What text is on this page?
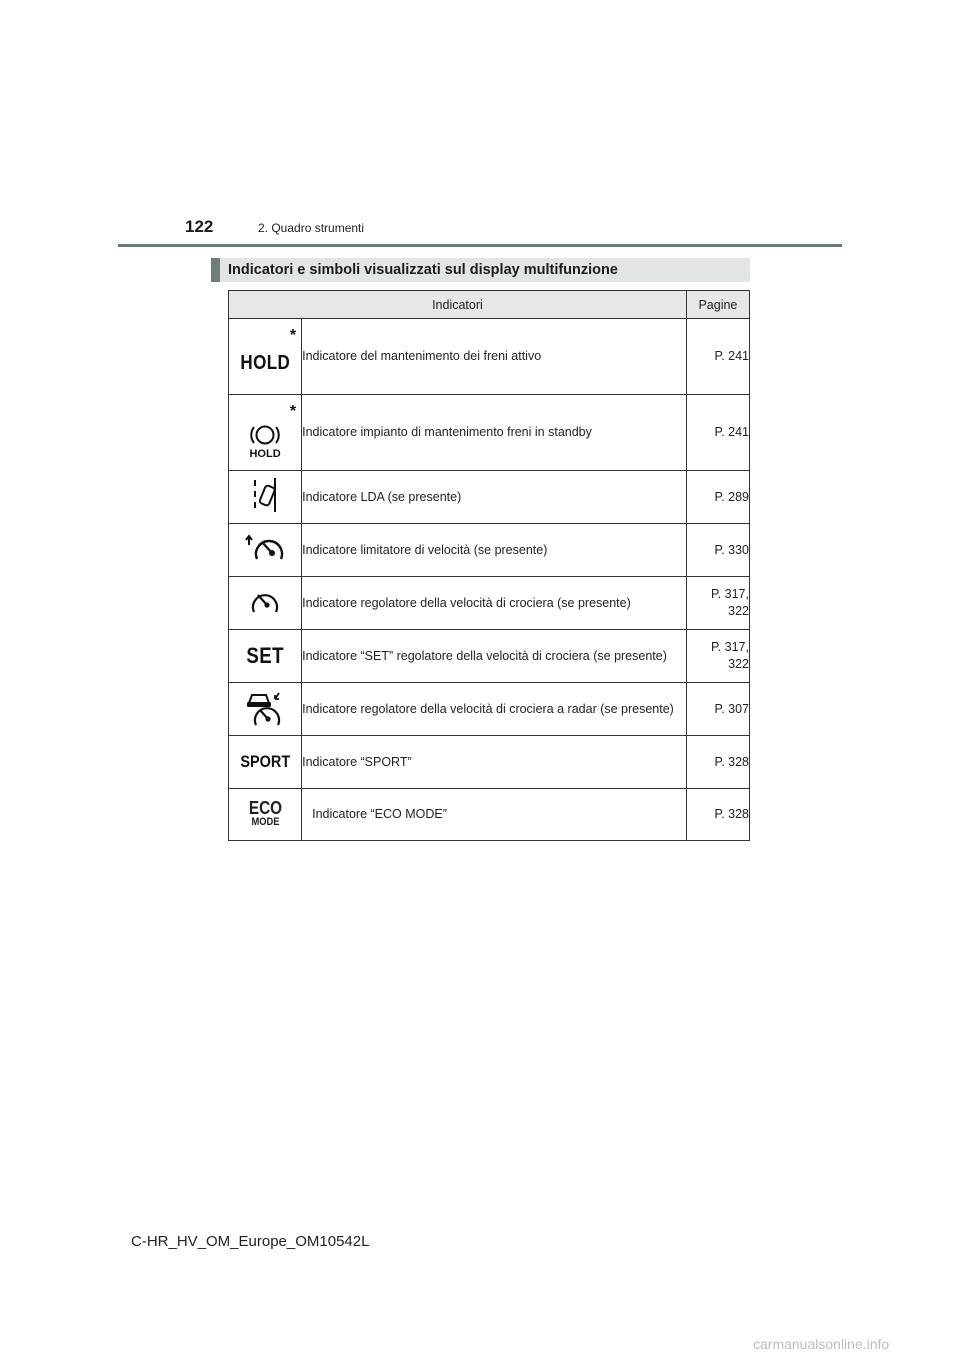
122	2. Quadro strumenti
Indicatori e simboli visualizzati sul display multifunzione
Indicatori		Pagine

*
HOLD	Indicatore del mantenimento dei freni attivo	P. 241

*
HOLD	Indicatore impianto di mantenimento freni in standby	P. 241
	Indicatore LDA (se presente)	P. 289
	Indicatore limitatore di velocità (se presente)	P. 330
	Indicatore regolatore della velocità di crociera (se presente)	P. 317,
322
SET	Indicatore “SET” regolatore della velocità di crociera (se presente)	P. 317,
322
	Indicatore regolatore della velocità di crociera a radar (se presente)	P. 307
SPORT	Indicatore “SPORT”	P. 328

ECO
MODE	Indicatore “ECO MODE”	P. 328
C-HR_HV_OM_Europe_OM10542L
carmanualsonline.info
